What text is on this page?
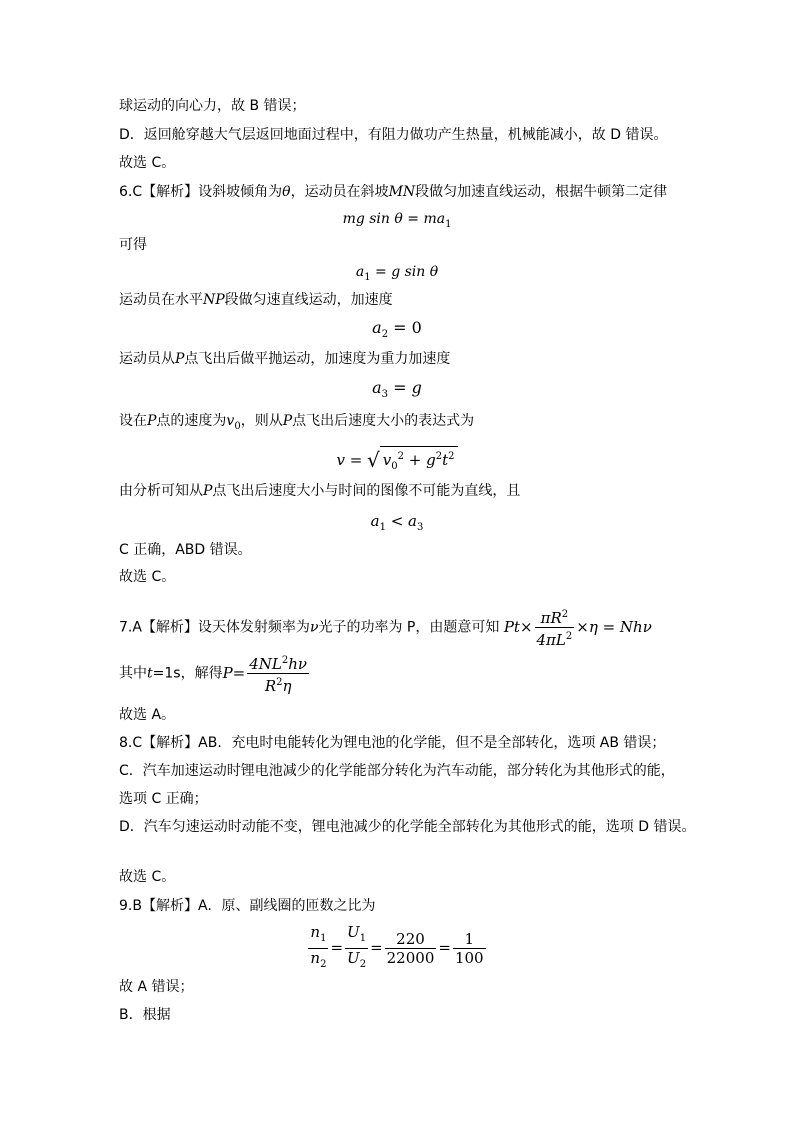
球运动的向心力，故 B 错误；
D．返回舱穿越大气层返回地面过程中，有阻力做功产生热量，机械能减小，故 D 错误。
故选 C。
6.C【解析】设斜坡倾角为θ，运动员在斜坡MN段做匀加速直线运动，根据牛顿第二定律
mg $\sin \theta = ma_1$
可得
$a_1 = g$ sin θ
运动员在水平NP段做匀速直线运动，加速度
$a_2 = 0$
运动员从P点飞出后做平抛运动，加速度为重力加速度
$a_3 = g$
设在P点的速度为$v_0$，则从P点飞出后速度大小的表达式为
v = √ $v_0^2 + g^2t^2$
由分析可知从P点飞出后速度大小与时间的图像不可能为直线，且
$a_1 < a_3$
C 正确，ABD 错误。
故选 C。
7.A【解析】设天体发射频率为ν光子的功率为 P，由题意可知 $Pt\times \frac{\pi R^2}{4\pi L^2} \times\eta = Nh\nu$
其中t=1s，解得$P= \frac{4NL^2h\nu}{R^2\eta}$
故选 A。
8.C【解析】AB．充电时电能转化为锂电池的化学能，但不是全部转化，选项 AB 错误；
C．汽车加速运动时锂电池减少的化学能部分转化为汽车动能，部分转化为其他形式的能，
选项 C 正确；
D．汽车匀速运动时动能不变，锂电池减少的化学能全部转化为其他形式的能，选项 D 错误。
故选 C。
9.B【解析】A．原、副线圈的匝数之比为
$\frac{n_1}{n_2} = \frac{U_1}{U_2} = \frac{220}{22000} = \frac{1}{100}$
故 A 错误；
B．根据
